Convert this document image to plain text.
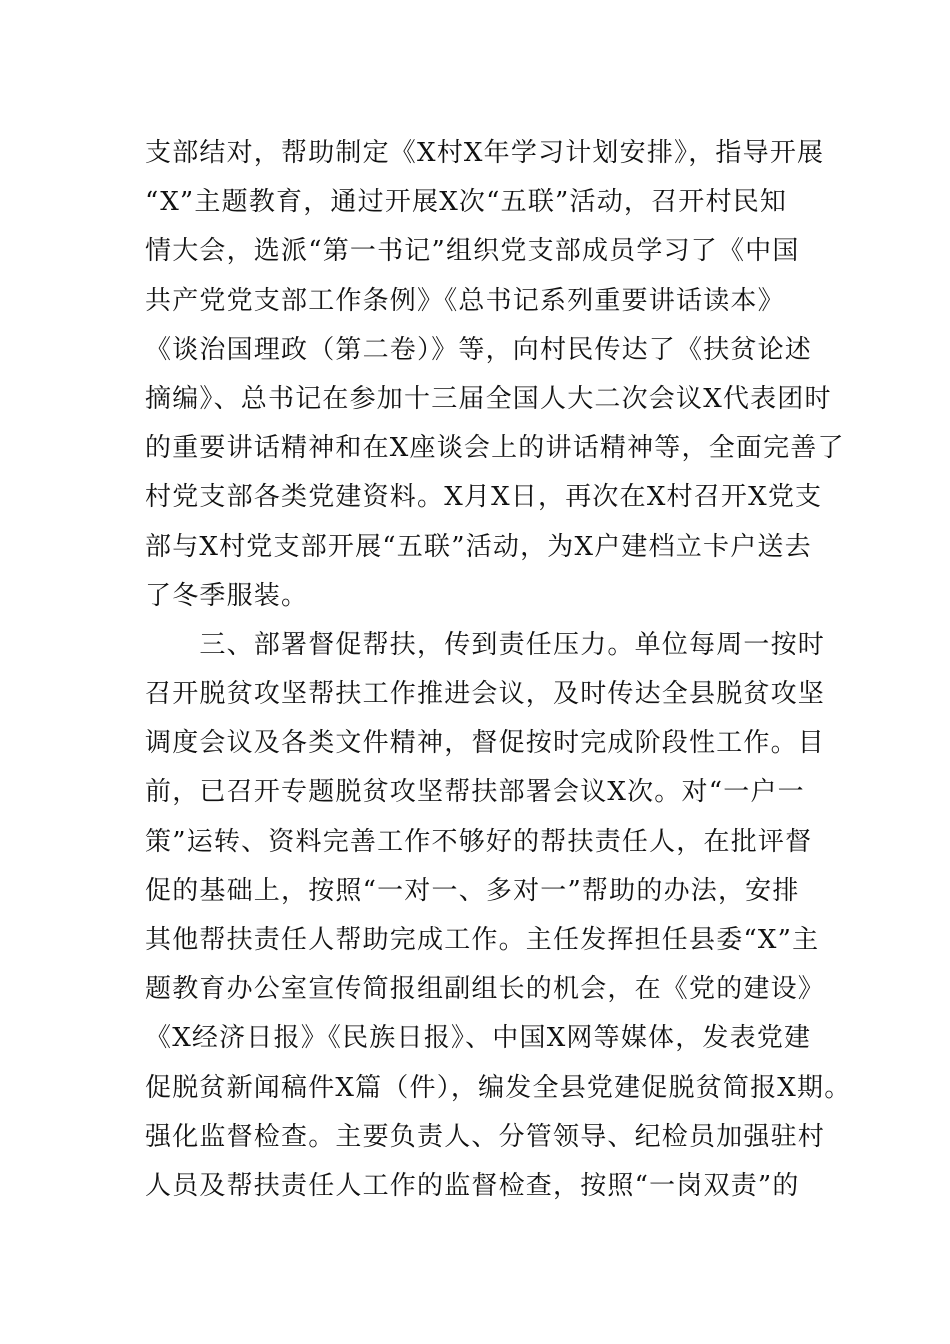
支部结对，帮助制定《X村X年学习计划安排》，指导开展
“X”主题教育，通过开展X次“五联”活动，召开村民知
情大会，选派“第一书记”组织党支部成员学习了《中国
共产党党支部工作条例》《总书记系列重要讲话读本》
《谈治国理政（第二卷）》等，向村民传达了《扶贫论述
摘编》、总书记在参加十三届全国人大二次会议X代表团时
的重要讲话精神和在X座谈会上的讲话精神等，全面完善了
村党支部各类党建资料。X月X日，再次在X村召开X党支
部与X村党支部开展“五联”活动，为X户建档立卡户送去
了冬季服装。
　　三、部署督促帮扶，传到责任压力。单位每周一按时
召开脱贫攻坚帮扶工作推进会议，及时传达全县脱贫攻坚
调度会议及各类文件精神，督促按时完成阶段性工作。目
前，已召开专题脱贫攻坚帮扶部署会议X次。对“一户一
策”运转、资料完善工作不够好的帮扶责任人，在批评督
促的基础上，按照“一对一、多对一”帮助的办法，安排
其他帮扶责任人帮助完成工作。主任发挥担任县委“X”主
题教育办公室宣传简报组副组长的机会，在《党的建设》
《X经济日报》《民族日报》、中国X网等媒体，发表党建
促脱贫新闻稿件X篇（件），编发全县党建促脱贫简报X期。
强化监督检查。主要负责人、分管领导、纪检员加强驻村
人员及帮扶责任人工作的监督检查，按照“一岗双责”的
